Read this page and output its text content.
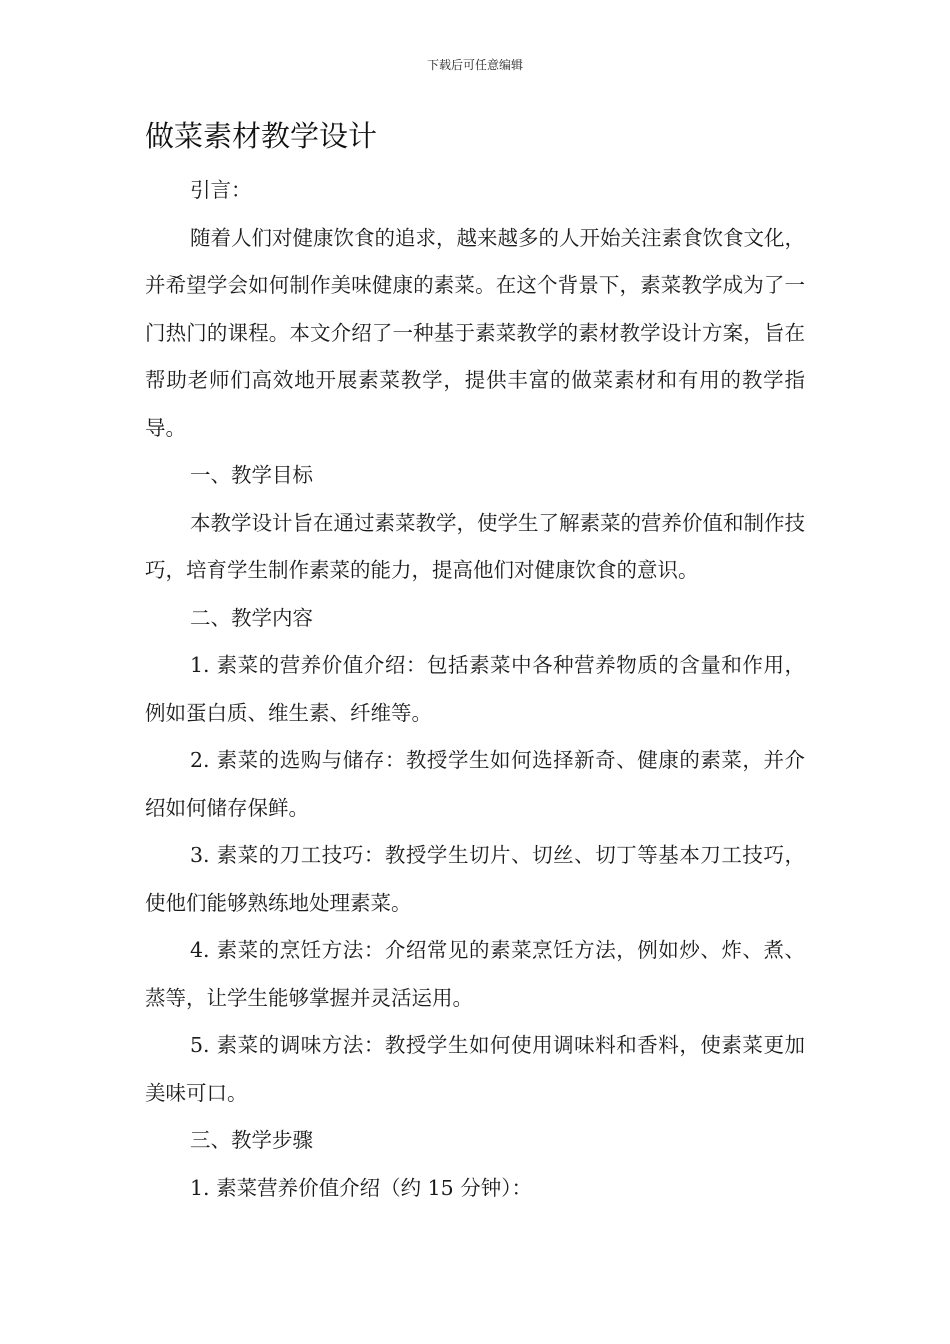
下载后可任意编辑
做菜素材教学设计

引言：

随着人们对健康饮食的追求，越来越多的人开始关注素食饮食文化，并希望学会如何制作美味健康的素菜。在这个背景下，素菜教学成为了一门热门的课程。本文介绍了一种基于素菜教学的素材教学设计方案，旨在帮助老师们高效地开展素菜教学，提供丰富的做菜素材和有用的教学指导。

一、教学目标

本教学设计旨在通过素菜教学，使学生了解素菜的营养价值和制作技巧，培育学生制作素菜的能力，提高他们对健康饮食的意识。

二、教学内容

1. 素菜的营养价值介绍：包括素菜中各种营养物质的含量和作用，例如蛋白质、维生素、纤维等。

2. 素菜的选购与储存：教授学生如何选择新奇、健康的素菜，并介绍如何储存保鲜。

3. 素菜的刀工技巧：教授学生切片、切丝、切丁等基本刀工技巧，使他们能够熟练地处理素菜。

4. 素菜的烹饪方法：介绍常见的素菜烹饪方法，例如炒、炸、煮、蒸等，让学生能够掌握并灵活运用。

5. 素菜的调味方法：教授学生如何使用调味料和香料，使素菜更加美味可口。

三、教学步骤

1. 素菜营养价值介绍（约 15 分钟）：
